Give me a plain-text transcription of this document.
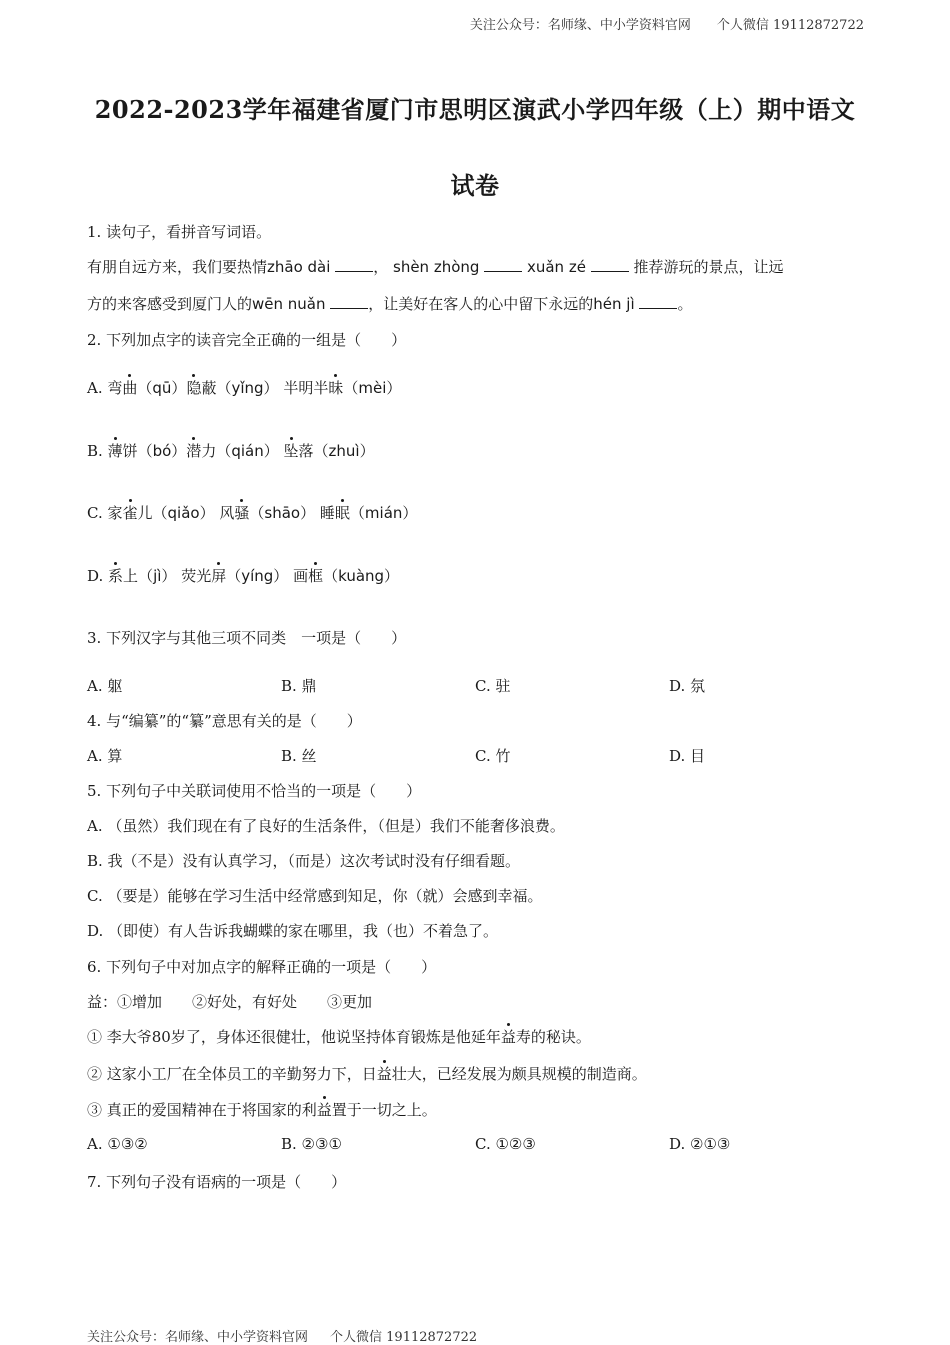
关注公众号：名师缘、中小学资料官网 个人微信 19112872722
2022-2023学年福建省厦门市思明区演武小学四年级（上）期中语文
试卷
1. 读句子，看拼音写词语。
有朋自远方来，我们要热情zhāo dài	， shèn zhòng	xuǎn zé	推荐游玩的景点，让远
方的来客感受到厦门人的wēn nuǎn	，让美好在客人的心中留下永远的hén jì	。
2. 下列加点字的读音完全正确的一组是（　　）
A. 弯曲（qū）隐蔽（yǐng） 半明半昧（mèi）
B. 薄饼（bó）潜力（qián） 坠落（zhuì）
C. 家雀儿（qiǎo） 风骚（shāo） 睡眠（mián）
D. 系上（jì） 荧光屏（yíng） 画框（kuàng）
3. 下列汉字与其他三项不同类　一项是（　　）
A. 躯	B. 鼎	C. 驻	D. 氛
4. 与“编纂”的“纂”意思有关的是（　　）
A. 算	B. 丝	C. 竹	D. 目
5. 下列句子中关联词使用不恰当的一项是（　　）
A. （虽然）我们现在有了良好的生活条件，（但是）我们不能奢侈浪费。
B. 我（不是）没有认真学习，（而是）这次考试时没有仔细看题。
C. （要是）能够在学习生活中经常感到知足，你（就）会感到幸福。
D. （即使）有人告诉我蝴蝶的家在哪里，我（也）不着急了。
6. 下列句子中对加点字的解释正确的一项是（　　）
益：①增加　　②好处，有好处　　③更加
① 李大爷80岁了，身体还很健壮，他说坚持体育锻炼是他延年益寿的秘诀。
② 这家小工厂在全体员工的辛勤努力下，日益壮大，已经发展为颇具规模的制造商。
③ 真正的爱国精神在于将国家的利益置于一切之上。
A. ①③②	B. ②③①	C. ①②③	D. ②①③
7. 下列句子没有语病的一项是（　　）
关注公众号：名师缘、中小学资料官网 个人微信 19112872722
